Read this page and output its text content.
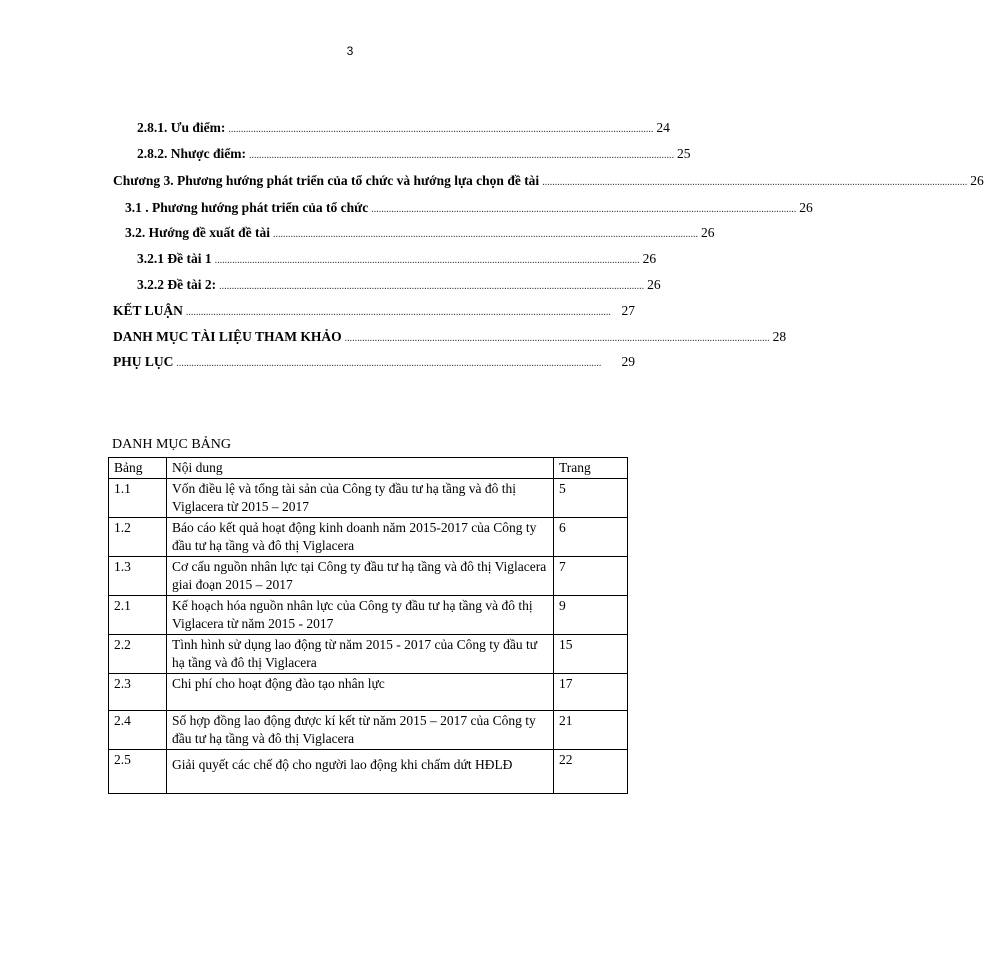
3
2.8.1. Ưu điểm: .......................................................................................................................................................................... 24
2.8.2. Nhược điểm: .......................................................................................................................................................................... 25
Chương 3. Phương hướng phát triển của tổ chức và hướng lựa chọn đề tài .......................................................................................................................................................................... 26
3.1 . Phương hướng phát triển của tổ chức .......................................................................................................................................................................... 26
3.2. Hướng đề xuất đề tài .......................................................................................................................................................................... 26
3.2.1 Đề tài 1 .......................................................................................................................................................................... 26
3.2.2 Đề tài 2: .......................................................................................................................................................................... 26
KẾT LUẬN .......................................................................................................................................................................... 27
DANH MỤC TÀI LIỆU THAM KHẢO .......................................................................................................................................................................... 28
PHỤ LỤC ..........................................................................................................................................................................	29
DANH MỤC BẢNG
Bảng	Nội dung	Trang
1.1	Vốn điều lệ và tổng tài sản của Công ty đầu tư hạ tầng và đô thị Viglacera từ 2015 – 2017	5
1.2	Báo cáo kết quả hoạt động kinh doanh năm 2015-2017 của Công ty đầu tư hạ tầng và đô thị Viglacera	6
1.3	Cơ cấu nguồn nhân lực tại Công ty đầu tư hạ tầng và đô thị Viglacera giai đoạn 2015 – 2017	7
2.1	Kế hoạch hóa nguồn nhân lực của Công ty đầu tư hạ tầng và đô thị Viglacera từ năm 2015 - 2017	9
2.2	Tình hình sử dụng lao động từ năm 2015 - 2017 của Công ty đầu tư hạ tầng và đô thị Viglacera	15
2.3	Chi phí cho hoạt động đào tạo nhân lực	17
2.4	Số hợp đồng lao động được kí kết từ năm 2015 – 2017 của Công ty đầu tư hạ tầng và đô thị Viglacera	21
2.5	Giải quyết các chế độ cho người lao động khi chấm dứt HĐLĐ	22
